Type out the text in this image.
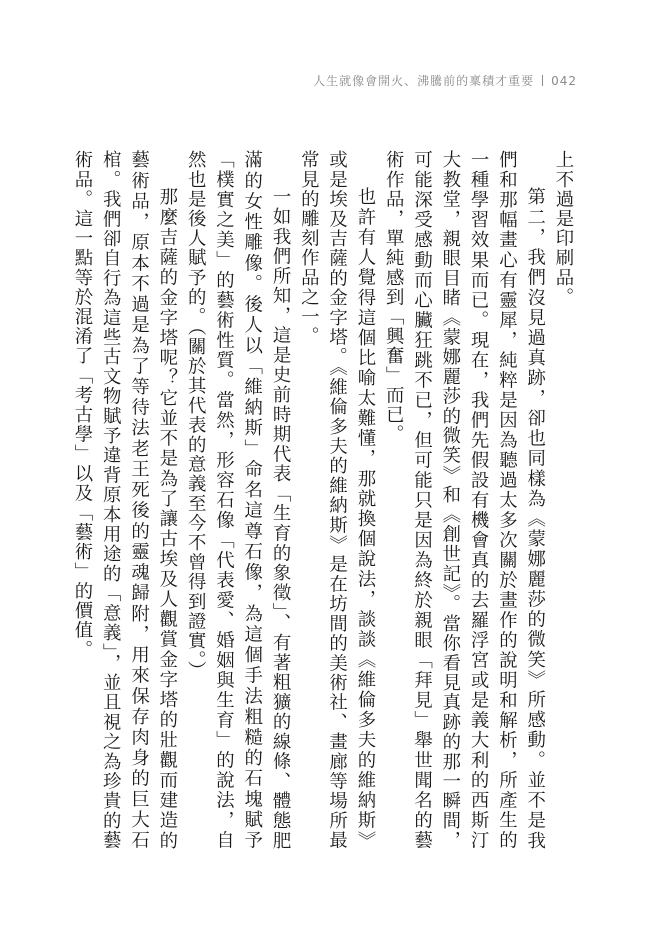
人生就像會開火、沸騰前的稟積才重要 042

上不過是印刷品。

第二，我們沒見過真跡，卻也同樣為《蒙娜麗莎的微笑》所感動。並不是我們和那幅畫心有靈犀，純粹是因為聽過太多次關於畫作的說明和解析，所產生的一種學習效果而已。現在，我們先假設有機會真的去羅浮宮或是義大利的西斯汀大教堂，親眼目睹《蒙娜麗莎的微笑》和《創世記》。當你看見真跡的那一瞬間，可能深受感動而心臟狂跳不已，但可能只是因為終於親眼「拜見」舉世聞名的藝術作品，單純感到「興奮」而已。

也許有人覺得這個比喻太難懂，那就換個說法，談談《維倫多夫的維納斯》或是埃及吉薩的金字塔。《維倫多夫的維納斯》是在坊間的美術社、畫廊等場所最常見的雕刻作品之一。

一如我們所知，這是史前時期代表「生育的象徵」、有著粗獷的線條、體態肥滿的女性雕像。後人以「維納斯」命名這尊石像，為這個手法粗糙的石塊賦予「樸實之美」的藝術性質。當然，形容石像「代表愛、婚姻與生育」的說法，自然也是後人賦予的。（關於其代表的意義至今不曾得到證實。）

那麼吉薩的金字塔呢？它並不是為了讓古埃及人觀賞金字塔的壯觀而建造的藝術品，原本不過是為了等待法老王死後的靈魂歸附，用來保存肉身的巨大石棺。我們卻自行為這些古文物賦予違背原本用途的「意義」，並且視之為珍貴的藝術品。這一點等於混淆了「考古學」以及「藝術」的價值。
